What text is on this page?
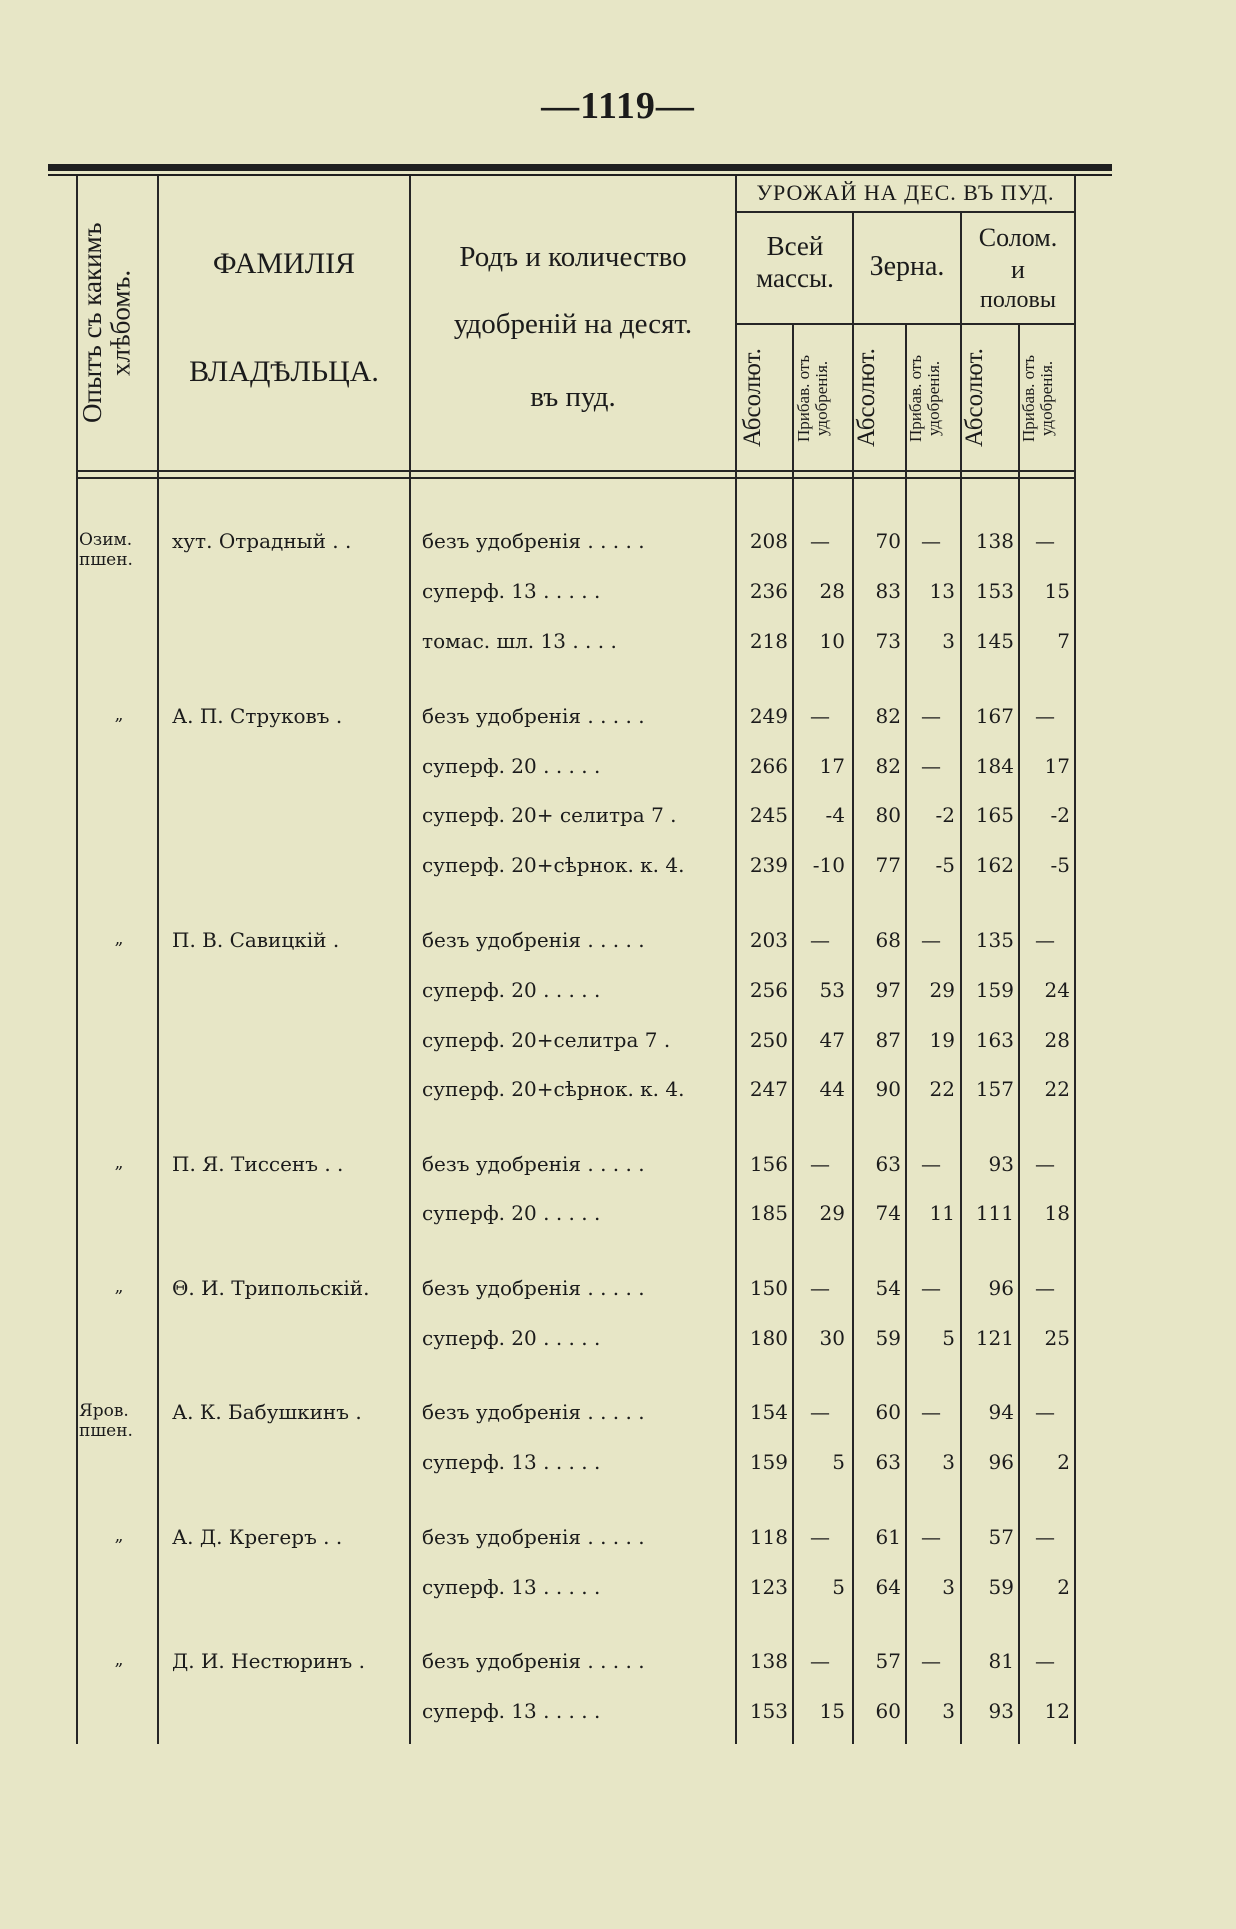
—1119—
Опытъ съ какимъ хлѣбомъ.
ФАМИЛІЯ
ВЛАДѢЛЬЦА.
Родъ и количество
удобреній на десят.
въ пуд.
УРОЖАЙ НА ДЕС. ВЪ ПУД.
Всей массы.	Зерна.
Солом.
и
половы
Абсолют.	Прибав. отъ удобренія. Абсолют.	Прибав. отъ удобренія. Абсолют.	Прибав. отъ удобренія.
Озим. пшен.
хут. Отрадный . .	безъ удобренія . . . . .	208	—	70	—	138	—
суперф. 13 . . . . .	236	28	83	13	153	15
томас. шл. 13 . . . .	218	10	73	3	145	7
„	А. П. Струковъ .	безъ удобренія . . . . .	249	—	82	—	167	—
суперф. 20 . . . . .	266	17	82	—	184	17
суперф. 20+ селитра 7 .	245	-4	80	-2	165	-2
суперф. 20+сѣрнок. к. 4.	239	-10	77	-5	162	-5
„	П. В. Савицкій .	безъ удобренія . . . . .	203	—	68	—	135	—
суперф. 20 . . . . .	256	53	97	29	159	24
суперф. 20+селитра 7 .	250	47	87	19	163	28
суперф. 20+сѣрнок. к. 4.	247	44	90	22	157	22
„	П. Я. Тиссенъ . .	безъ удобренія . . . . .	156	—	63	—	93	—
суперф. 20 . . . . .	185	29	74	11	111	18
„	Θ. И. Трипольскій.	безъ удобренія . . . . .	150	—	54	—	96	—
суперф. 20 . . . . .	180	30	59	5	121	25
Яров. пшен.
А. К. Бабушкинъ .	безъ удобренія . . . . .	154	—	60	—	94	—
суперф. 13 . . . . .	159	5	63	3	96	2
„	А. Д. Крегеръ . .	безъ удобренія . . . . .	118	—	61	—	57	—
суперф. 13 . . . . .	123	5	64	3	59	2
„	Д. И. Нестюринъ .	безъ удобренія . . . . .	138	—	57	—	81	—
суперф. 13 . . . . .	153	15	60	3	93	12
